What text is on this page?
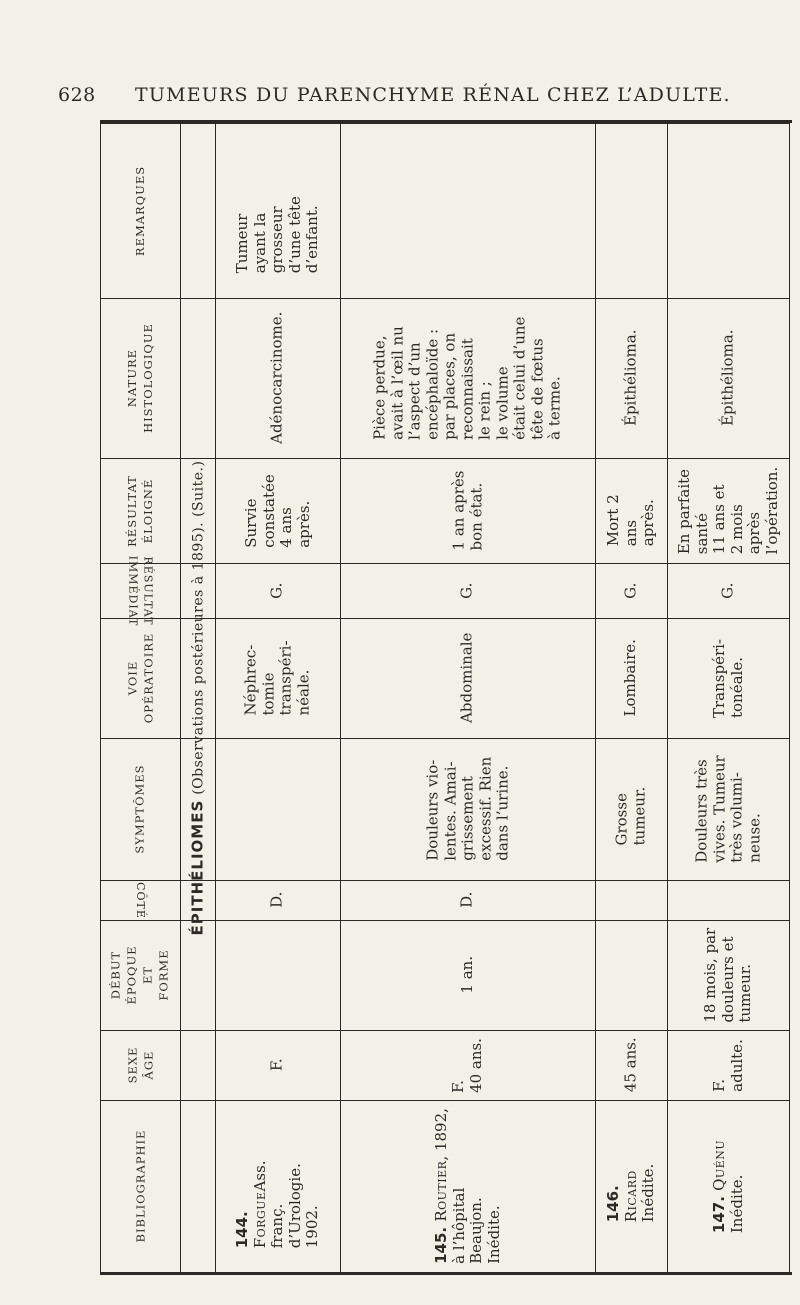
628 TUMEURS DU PARENCHYME RÉNAL CHEZ L’ADULTE.
ÉPITHÉLIOMES (Observations postérieures à 1895). (Suite.)
REMARQUES
NATURE
HISTOLOGIQUE
RÉSULTAT
ÉLOIGNÉ
RÉSULTAT
IMMÉDIAT
VOIE
OPÉRATOIRE
SYMPTÔMES
CÔTÉ
DÉBUT
ÉPOQUE
ET
FORME
SEXE
ÂGE
BIBLIOGRAPHIE
Tumeur
ayant la grosseur
d’une tête
d’enfant.
Adénocarcinome.
Survie
constatée
4 ans
après.
G.
Néphrec-
tomie
transpéri-
néale.
D.
F.
144.
ForgueAss. franç.
d’Urologie.
1902.
Pièce perdue,
avait à l’œil nu
l’aspect d’un
encéphaloïde :
par places, on
reconnaissait
le rein ;
le volume
était celui d’une
tête de fœtus
à terme.
1 an après
bon état.
G.
Abdominale
Douleurs vio-
lentes. Amai-
grissement
excessif. Rien
dans l’urine.
D.
1 an.
F.
40 ans.
145. Routier, 1892,
à l’hôpital
Beaujon.
Inédite.
Épithélioma.
Mort 2 ans
après.
G.
Lombaire.
Grosse tumeur.
45 ans.
146. Ricard
Inédite.
Épithélioma.
En parfaite
santé
11 ans et
2 mois
après
l’opération.
G.
Transpéri-
tonéale.
Douleurs très
vives. Tumeur
très volumi-
neuse.
18 mois, par
douleurs et
tumeur.
F.
adulte.
147. Quénu
Inédite.
